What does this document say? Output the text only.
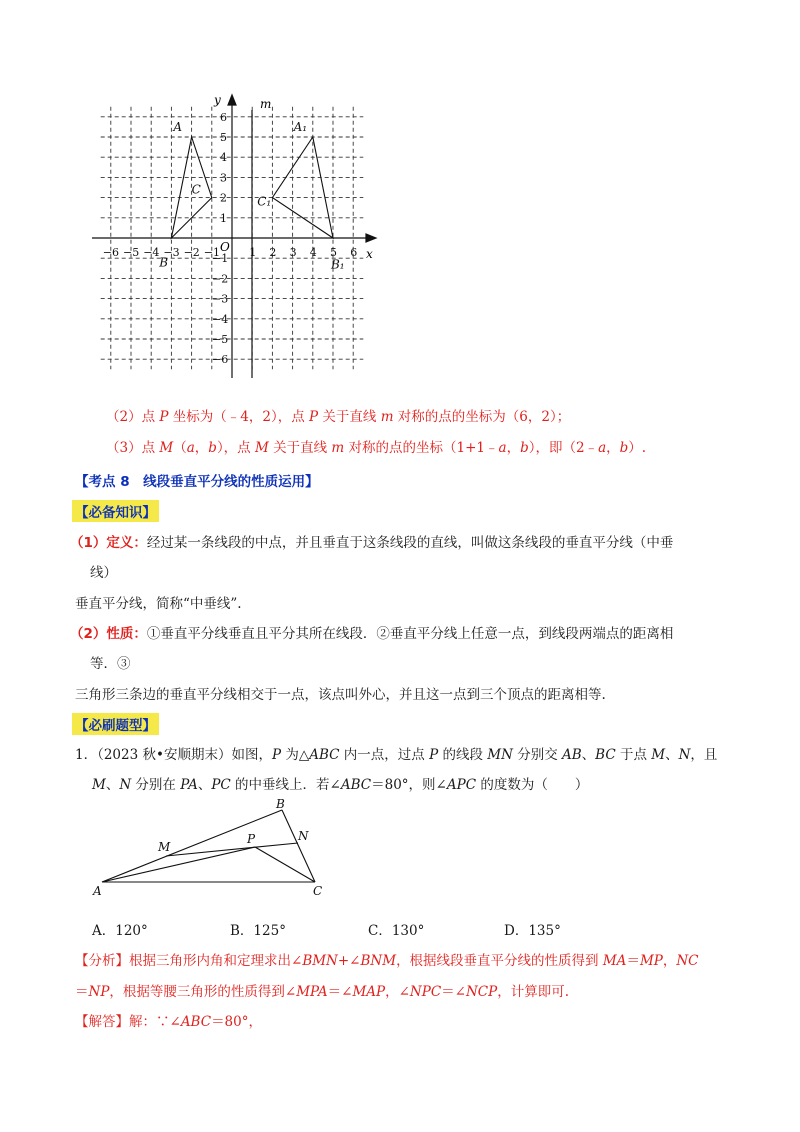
−6 −5 −4 −3 −2 −1	1 2 3 4 5 6
6
5
4
3
2
1
−1
−2
−3
−4
−5
−6
y
x
m
O
A
B
C
A₁
B₁
C₁
（2）点 P 坐标为（﹣4，2），点 P 关于直线 m 对称的点的坐标为（6，2）；
（3）点 M（a，b），点 M 关于直线 m 对称的点的坐标（1+1﹣a，b），即（2﹣a，b）.
【考点 8　线段垂直平分线的性质运用】
【必备知识】
（1）定义：经过某一条线段的中点，并且垂直于这条线段的直线，叫做这条线段的垂直平分线（中垂
线）
垂直平分线，简称“中垂线”.
（2）性质：①垂直平分线垂直且平分其所在线段．②垂直平分线上任意一点，到线段两端点的距离相
等．③
三角形三条边的垂直平分线相交于一点，该点叫外心，并且这一点到三个顶点的距离相等.
【必刷题型】
1．（2023 秋•安顺期末）如图，P 为△ABC 内一点，过点 P 的线段 MN 分别交 AB、BC 于点 M、N，且
M、N 分别在 PA、PC 的中垂线上．若∠ABC＝80°，则∠APC 的度数为（　　）
A
B
C
M
N
P
A．120°	B．125°	C．130°	D．135°
【分析】根据三角形内角和定理求出∠BMN+∠BNM，根据线段垂直平分线的性质得到 MA＝MP，NC
＝NP，根据等腰三角形的性质得到∠MPA＝∠MAP，∠NPC＝∠NCP，计算即可.
【解答】解：∵∠ABC＝80°，
